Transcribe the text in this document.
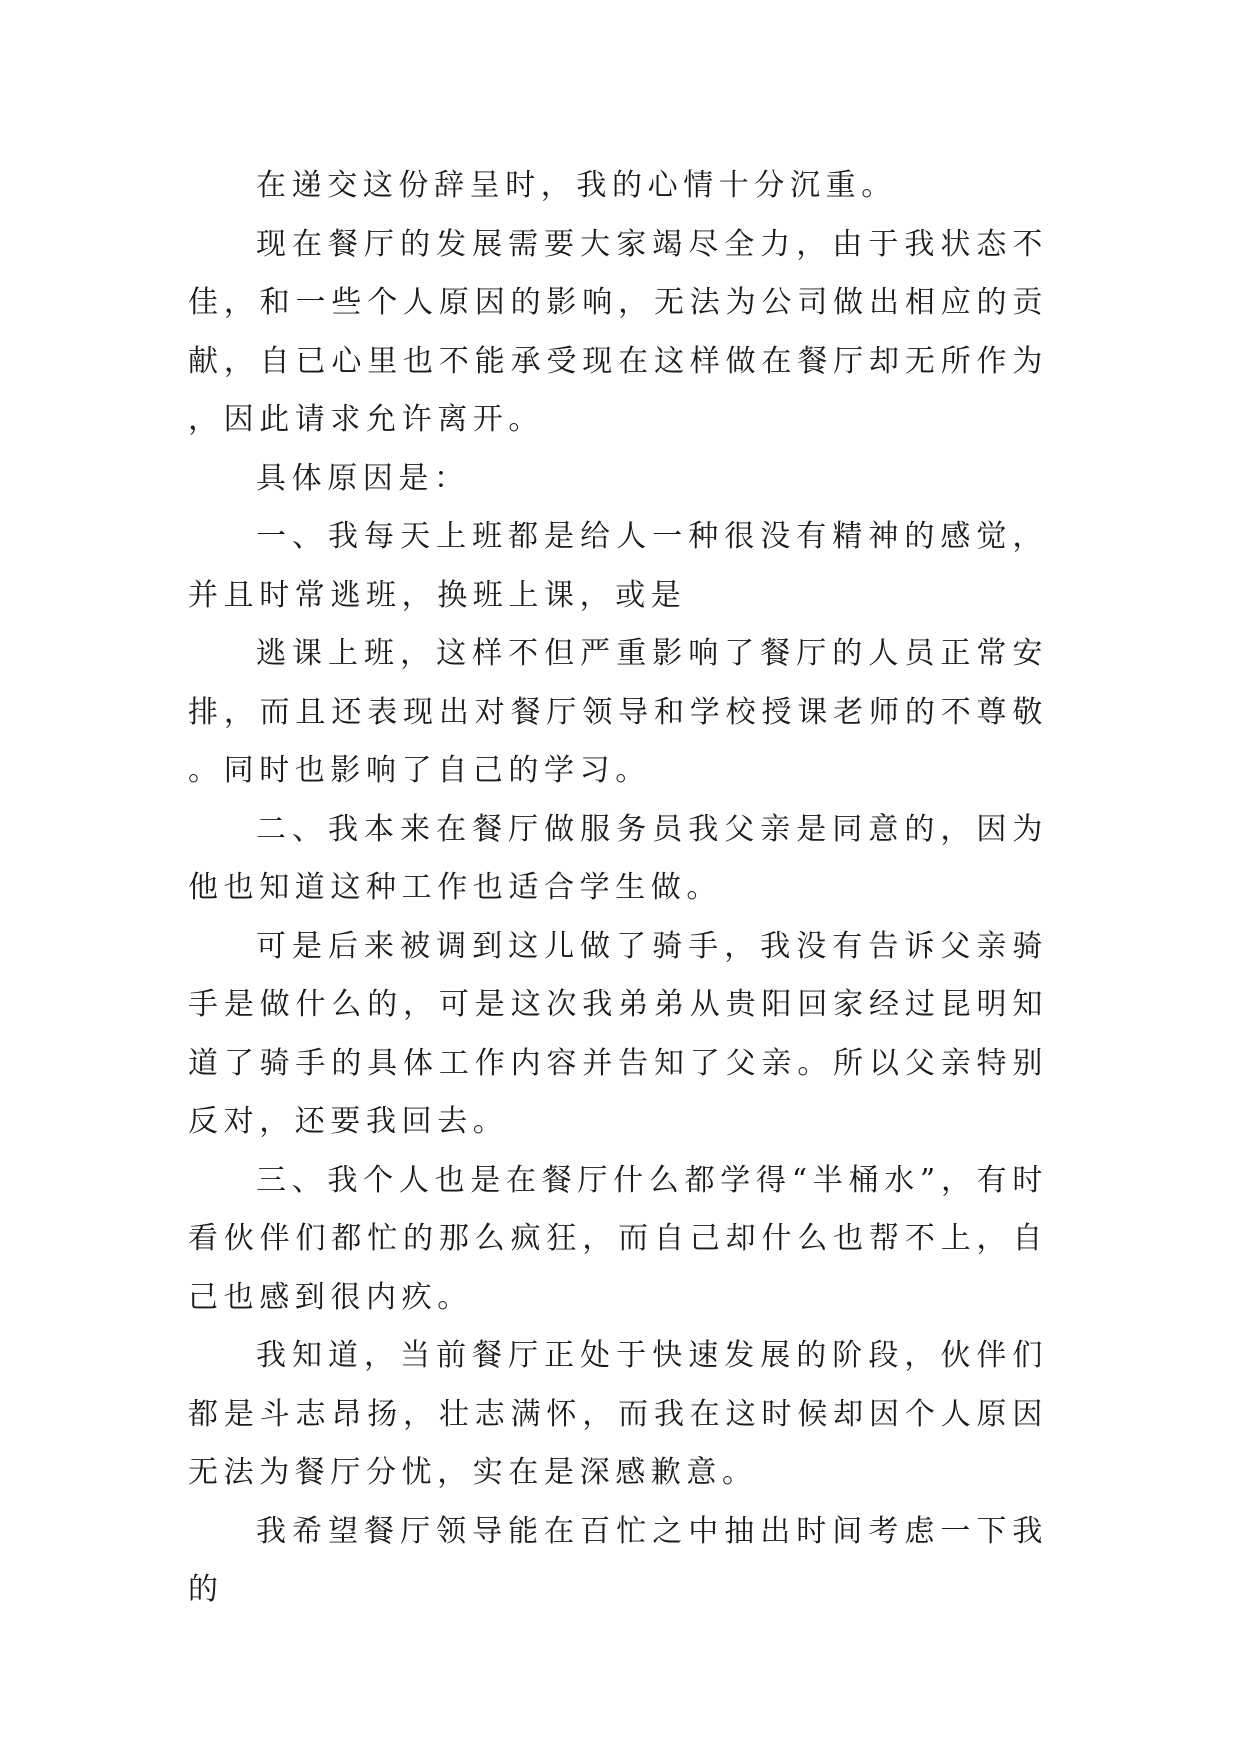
在递交这份辞呈时，我的心情十分沉重。

现在餐厅的发展需要大家竭尽全力，由于我状态不佳，和一些个人原因的影响，无法为公司做出相应的贡献，自已心里也不能承受现在这样做在餐厅却无所作为，因此请求允许离开。

具体原因是：

一、我每天上班都是给人一种很没有精神的感觉，并且时常逃班，换班上课，或是

逃课上班，这样不但严重影响了餐厅的人员正常安排，而且还表现出对餐厅领导和学校授课老师的不尊敬。同时也影响了自己的学习。

二、我本来在餐厅做服务员我父亲是同意的，因为他也知道这种工作也适合学生做。

可是后来被调到这儿做了骑手，我没有告诉父亲骑手是做什么的，可是这次我弟弟从贵阳回家经过昆明知道了骑手的具体工作内容并告知了父亲。所以父亲特别反对，还要我回去。

三、我个人也是在餐厅什么都学得“半桶水”，有时看伙伴们都忙的那么疯狂，而自己却什么也帮不上，自己也感到很内疚。

我知道，当前餐厅正处于快速发展的阶段，伙伴们都是斗志昂扬，壮志满怀，而我在这时候却因个人原因无法为餐厅分忧，实在是深感歉意。

我希望餐厅领导能在百忙之中抽出时间考虑一下我的
